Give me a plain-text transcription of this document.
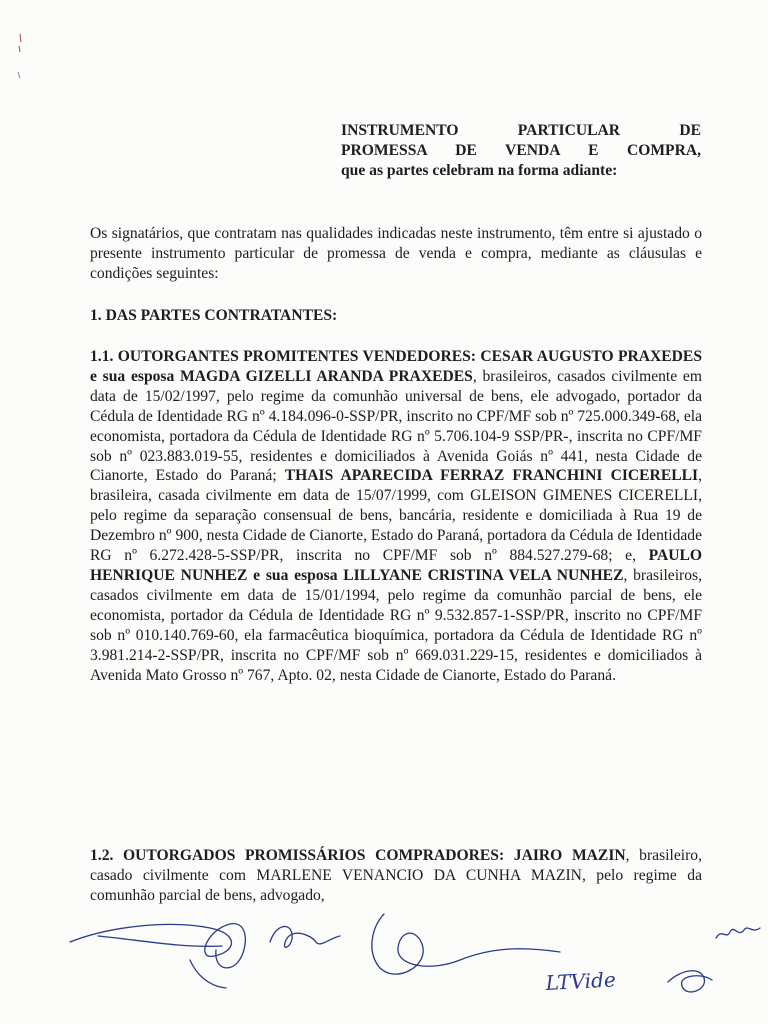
INSTRUMENTO PARTICULAR DE
PROMESSA DE VENDA E COMPRA,
que as partes celebram na forma adiante:
Os signatários, que contratam nas qualidades indicadas neste instrumento, têm entre si ajustado o presente instrumento particular de promessa de venda e compra, mediante as cláusulas e condições seguintes:
1. DAS PARTES CONTRATANTES:
1.1. OUTORGANTES PROMITENTES VENDEDORES: CESAR AUGUSTO PRAXEDES e sua esposa MAGDA GIZELLI ARANDA PRAXEDES, brasileiros, casados civilmente em data de 15/02/1997, pelo regime da comunhão universal de bens, ele advogado, portador da Cédula de Identidade RG nº 4.184.096-0-SSP/PR, inscrito no CPF/MF sob nº 725.000.349-68, ela economista, portadora da Cédula de Identidade RG nº 5.706.104-9 SSP/PR-, inscrita no CPF/MF sob nº 023.883.019-55, residentes e domiciliados à Avenida Goiás nº 441, nesta Cidade de Cianorte, Estado do Paraná; THAIS APARECIDA FERRAZ FRANCHINI CICERELLI, brasileira, casada civilmente em data de 15/07/1999, com GLEISON GIMENES CICERELLI, pelo regime da separação consensual de bens, bancária, residente e domiciliada à Rua 19 de Dezembro nº 900, nesta Cidade de Cianorte, Estado do Paraná, portadora da Cédula de Identidade RG nº 6.272.428-5-SSP/PR, inscrita no CPF/MF sob nº 884.527.279-68; e, PAULO HENRIQUE NUNHEZ e sua esposa LILLYANE CRISTINA VELA NUNHEZ, brasileiros, casados civilmente em data de 15/01/1994, pelo regime da comunhão parcial de bens, ele economista, portador da Cédula de Identidade RG nº 9.532.857-1-SSP/PR, inscrito no CPF/MF sob nº 010.140.769-60, ela farmacêutica bioquímica, portadora da Cédula de Identidade RG nº 3.981.214-2-SSP/PR, inscrita no CPF/MF sob nº 669.031.229-15, residentes e domiciliados à Avenida Mato Grosso nº 767, Apto. 02, nesta Cidade de Cianorte, Estado do Paraná.
1.2. OUTORGADOS PROMISSÁRIOS COMPRADORES: JAIRO MAZIN, brasileiro, casado civilmente com MARLENE VENANCIO DA CUNHA MAZIN, pelo regime da comunhão parcial de bens, advogado,
LTVide
